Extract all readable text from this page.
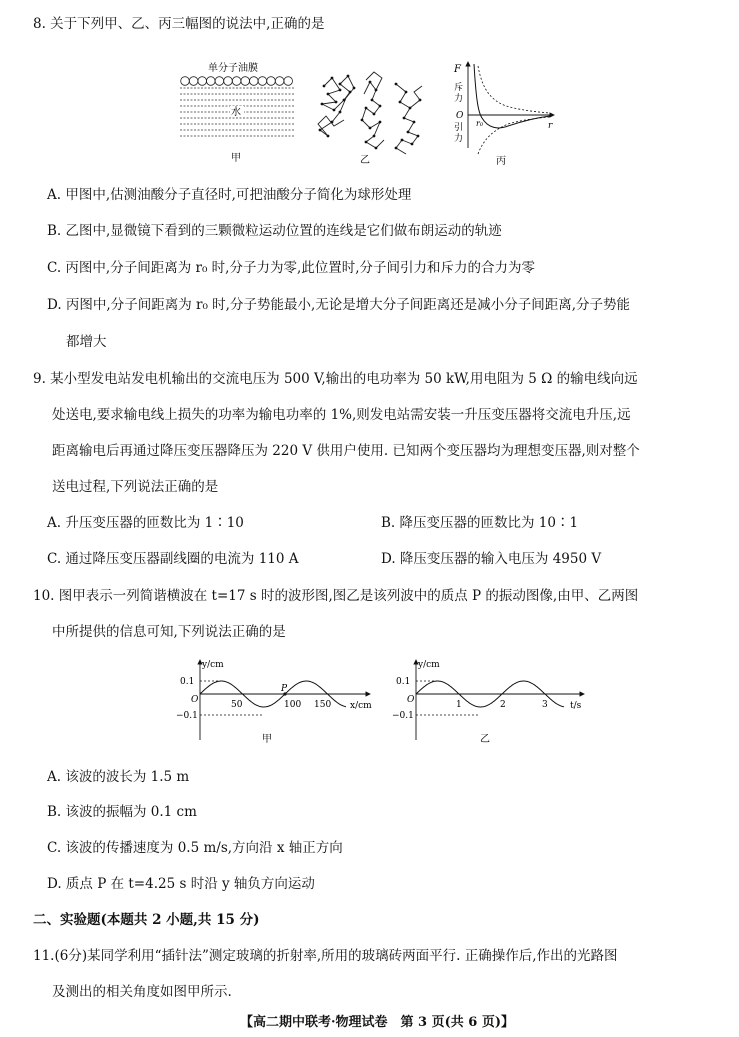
8. 关于下列甲、乙、丙三幅图的说法中,正确的是
单分子油膜
水
甲	乙
F
斥
力
O
引
力
r₀	r
丙
A. 甲图中,估测油酸分子直径时,可把油酸分子简化为球形处理
B. 乙图中,显微镜下看到的三颗微粒运动位置的连线是它们做布朗运动的轨迹
C. 丙图中,分子间距离为 r₀ 时,分子力为零,此位置时,分子间引力和斥力的合力为零
D. 丙图中,分子间距离为 r₀ 时,分子势能最小,无论是增大分子间距离还是减小分子间距离,分子势能
都增大
9. 某小型发电站发电机输出的交流电压为 500 V,输出的电功率为 50 kW,用电阻为 5 Ω 的输电线向远
处送电,要求输电线上损失的功率为输电功率的 1%,则发电站需安装一升压变压器将交流电升压,远
距离输电后再通过降压变压器降压为 220 V 供用户使用. 已知两个变压器均为理想变压器,则对整个
送电过程,下列说法正确的是
A. 升压变压器的匝数比为 1∶10	B. 降压变压器的匝数比为 10∶1
C. 通过降压变压器副线圈的电流为 110 A	D. 降压变压器的输入电压为 4950 V
10. 图甲表示一列简谐横波在 t=17 s 时的波形图,图乙是该列波中的质点 P 的振动图像,由甲、乙两图
中所提供的信息可知,下列说法正确的是
y/cm
x/cm
0.1
−0.1
O
P
50	100 150
甲
y/cm
t/s
0.1
−0.1
O	1	2	3
乙
A. 该波的波长为 1.5 m
B. 该波的振幅为 0.1 cm
C. 该波的传播速度为 0.5 m/s,方向沿 x 轴正方向
D. 质点 P 在 t=4.25 s 时沿 y 轴负方向运动
二、实验题(本题共 2 小题,共 15 分)
11.(6分)某同学利用“插针法”测定玻璃的折射率,所用的玻璃砖两面平行. 正确操作后,作出的光路图
及测出的相关角度如图甲所示.
【高二期中联考·物理试卷　第 3 页(共 6 页)】
